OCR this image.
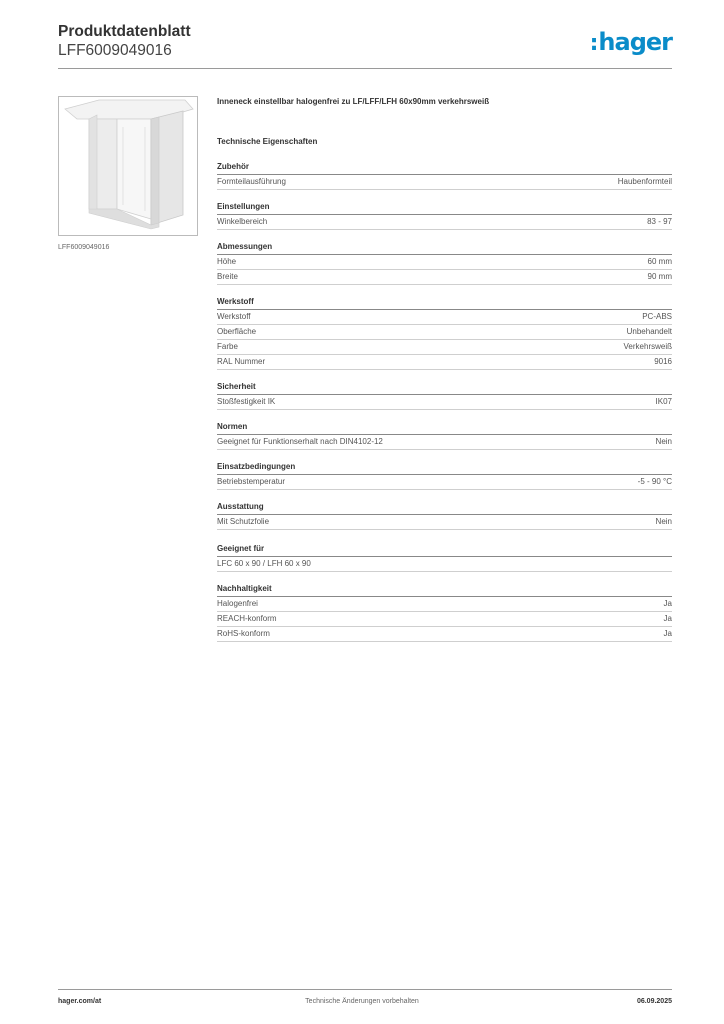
Produktdatenblatt
LFF6009049016	:hager
LFF6009049016
Inneneck einstellbar halogenfrei zu LF/LFF/LFH 60x90mm verkehrsweiß
Technische Eigenschaften
Zubehör
Formteilausführung	Haubenformteil
Einstellungen
Winkelbereich	83 - 97
Abmessungen
Höhe	60 mm
Breite	90 mm
Werkstoff
Werkstoff	PC-ABS
Oberfläche	Unbehandelt
Farbe	Verkehrsweiß
RAL Nummer	9016
Sicherheit
Stoßfestigkeit IK	IK07
Normen
Geeignet für Funktionserhalt nach DIN4102-12	Nein
Einsatzbedingungen
Betriebstemperatur	-5 - 90 °C
Ausstattung
Mit Schutzfolie	Nein
Geeignet für
LFC 60 x 90 / LFH 60 x 90
Nachhaltigkeit
Halogenfrei	Ja
REACH-konform	Ja
RoHS-konform	Ja
Technische Änderungen vorbehalten
hager.com/at	06.09.2025
